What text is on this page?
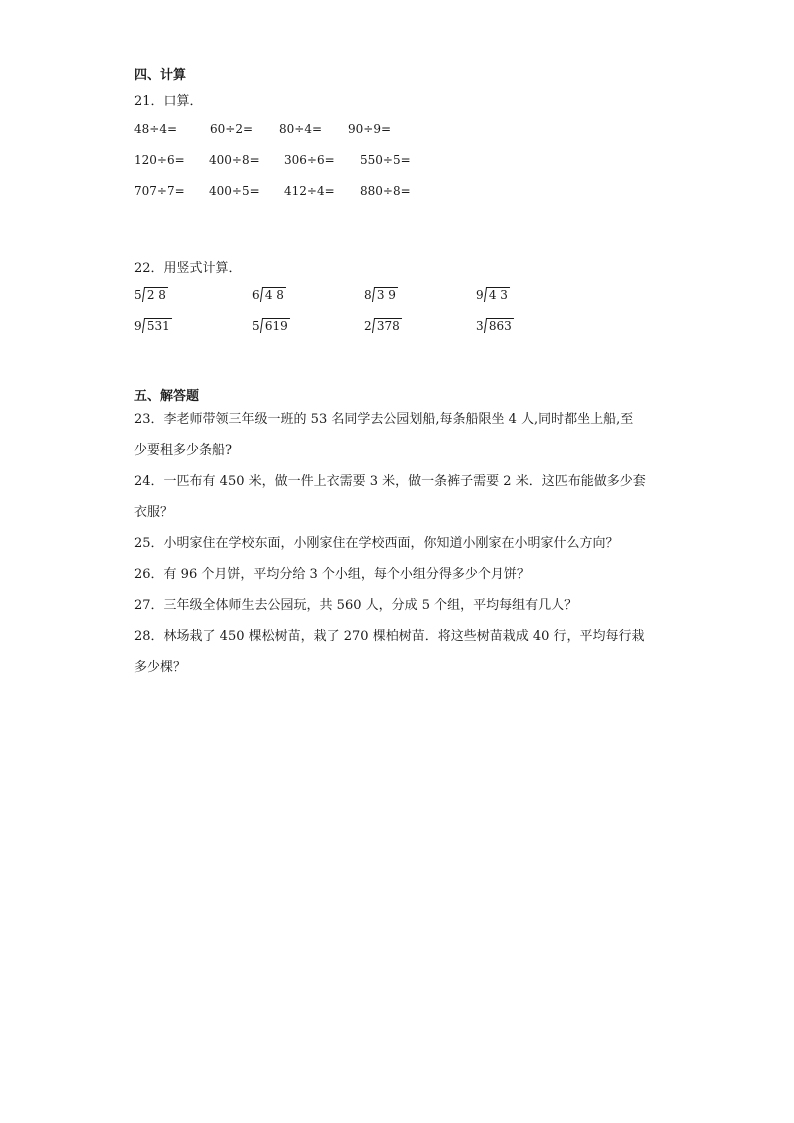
四、计算
21．口算．
48÷4=	60÷2= 80÷4= 90÷9=
120÷6= 400÷8= 306÷6= 550÷5=
707÷7= 400÷5= 412÷4= 880÷8=
22．用竖式计算．
5 2 8	6 4 8	8 3 9	9 4 3
9 531	5 619	2 378	3 863
五、解答题
23．李老师带领三年级一班的 53 名同学去公园划船,每条船限坐 4 人,同时都坐上船,至
少要租多少条船?
24．一匹布有 450 米，做一件上衣需要 3 米，做一条裤子需要 2 米．这匹布能做多少套
衣服？
25．小明家住在学校东面，小刚家住在学校西面，你知道小刚家在小明家什么方向？
26．有 96 个月饼，平均分给 3 个小组，每个小组分得多少个月饼？
27．三年级全体师生去公园玩，共 560 人，分成 5 个组，平均每组有几人？
28．林场栽了 450 棵松树苗，栽了 270 棵柏树苗．将这些树苗栽成 40 行，平均每行栽
多少棵？
